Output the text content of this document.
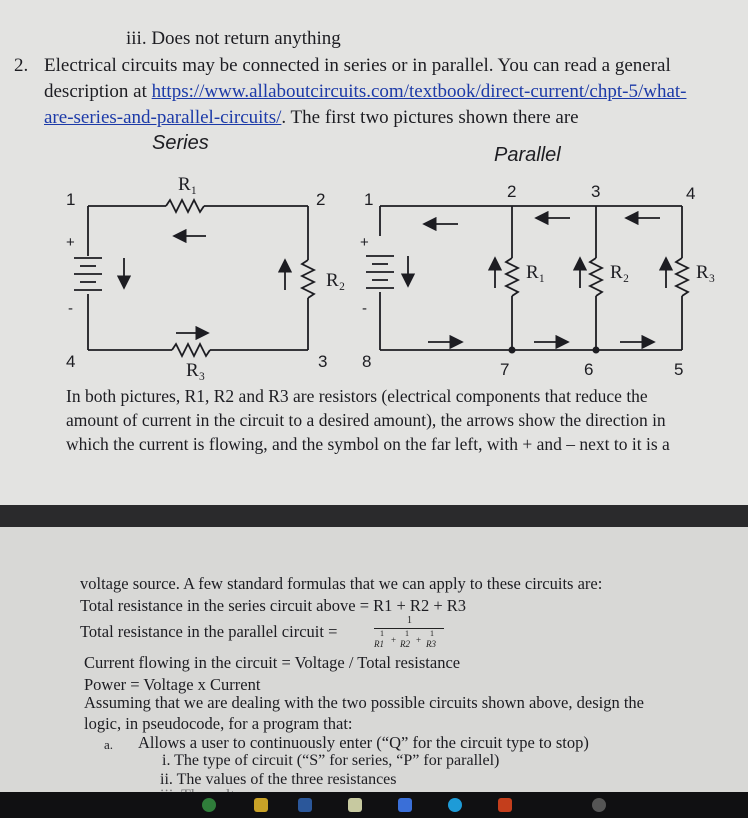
iii. Does not return anything
2. Electrical circuits may be connected in series or in parallel. You can read a general
description at https://www.allaboutcircuits.com/textbook/direct-current/chpt-5/what-
are-series-and-parallel-circuits/. The first two pictures shown there are
Series
R₁
R₂
R₃
1	2
3
4
+
-
Parallel
R₁	R₂	R₃
1	2	3	4
5
6
7
8
+
-
In both pictures, R1, R2 and R3 are resistors (electrical components that reduce the
amount of current in the circuit to a desired amount), the arrows show the direction in
which the current is flowing, and the symbol on the far left, with + and – next to it is a
voltage source. A few standard formulas that we can apply to these circuits are:
Total resistance in the series circuit above = R1 + R2 + R3
Total resistance in the parallel circuit =
1
1	1	1
R1 + R2 + R3
Current flowing in the circuit = Voltage / Total resistance
Power = Voltage x Current
Assuming that we are dealing with the two possible circuits shown above, design the
logic, in pseudocode, for a program that:
a. Allows a user to continuously enter (“Q” for the circuit type to stop)
i. The type of circuit (“S” for series, “P” for parallel)
ii. The values of the three resistances
